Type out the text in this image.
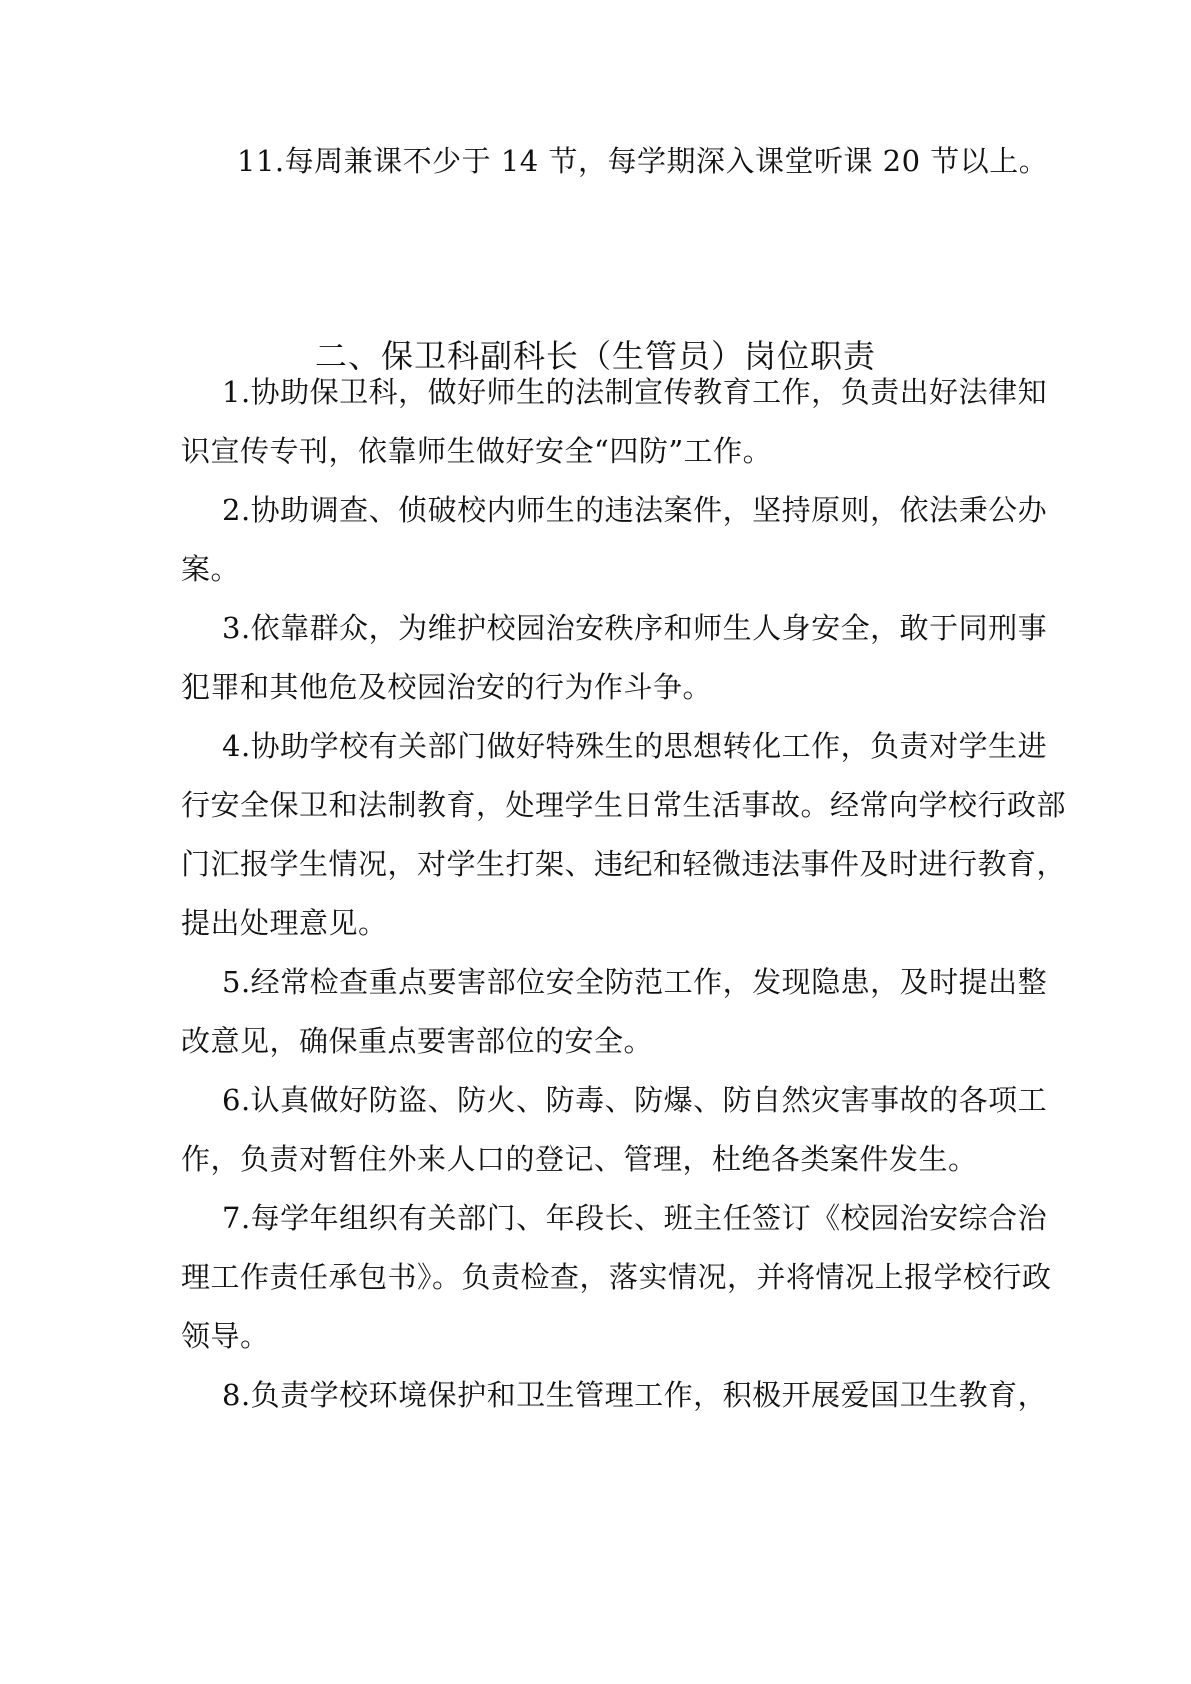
11.每周兼课不少于 14 节，每学期深入课堂听课 20 节以上。
二、保卫科副科长（生管员）岗位职责
1.协助保卫科，做好师生的法制宣传教育工作，负责出好法律知
识宣传专刊，依靠师生做好安全“四防”工作。
2.协助调查、侦破校内师生的违法案件，坚持原则，依法秉公办
案。
3.依靠群众，为维护校园治安秩序和师生人身安全，敢于同刑事
犯罪和其他危及校园治安的行为作斗争。
4.协助学校有关部门做好特殊生的思想转化工作，负责对学生进
行安全保卫和法制教育，处理学生日常生活事故。经常向学校行政部
门汇报学生情况，对学生打架、违纪和轻微违法事件及时进行教育，
提出处理意见。
5.经常检查重点要害部位安全防范工作，发现隐患，及时提出整
改意见，确保重点要害部位的安全。
6.认真做好防盗、防火、防毒、防爆、防自然灾害事故的各项工
作，负责对暂住外来人口的登记、管理，杜绝各类案件发生。
7.每学年组织有关部门、年段长、班主任签订《校园治安综合治
理工作责任承包书》。负责检查，落实情况，并将情况上报学校行政
领导。
8.负责学校环境保护和卫生管理工作，积极开展爱国卫生教育，
